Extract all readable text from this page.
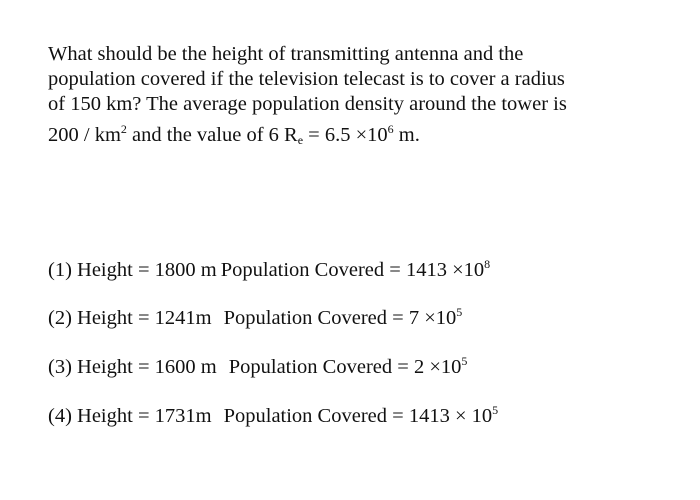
What should be the height of transmitting antenna and the
population covered if the television telecast is to cover a radius
of 150 km? The average population density around the tower is
$200 / km^2$ and the value of 6 $R_e = 6.5 \times 10^6$ m.
(1) Height = 1800 m Population Covered = $1413 \times 10^8$
(2) Height = 1241m Population Covered = $7 \times 10^5$
(3) Height = 1600 m Population Covered = $2 \times 10^5$
(4) Height = 1731m Population Covered = $1413 \times 10^5$
